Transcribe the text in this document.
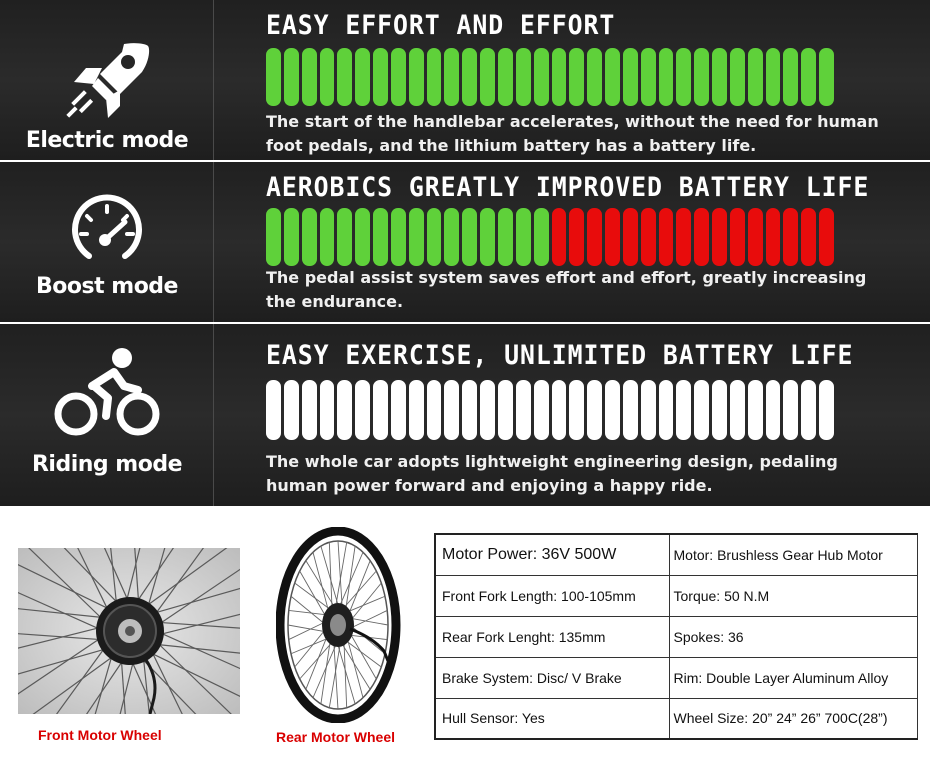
Electric mode
EASY EFFORT AND EFFORT

The start of the handlebar accelerates, without the need for human foot pedals, and the lithium battery has a battery life.

Boost mode
AEROBICS GREATLY IMPROVED BATTERY LIFE

The pedal assist system saves effort and effort, greatly increasing the endurance.

Riding mode
EASY EXERCISE, UNLIMITED BATTERY LIFE

The whole car adopts lightweight engineering design, pedaling human power forward and enjoying a happy ride.

Front Motor Wheel	Rear Motor Wheel
Motor Power: 36V 500W	Motor: Brushless Gear Hub Motor
Front Fork Length: 100-105mm	Torque: 50 N.M
Rear Fork Lenght: 135mm	Spokes: 36
Brake System: Disc/ V Brake	Rim: Double Layer Aluminum Alloy
Hull Sensor: Yes	Wheel Size: 20” 24” 26” 700C(28”)
